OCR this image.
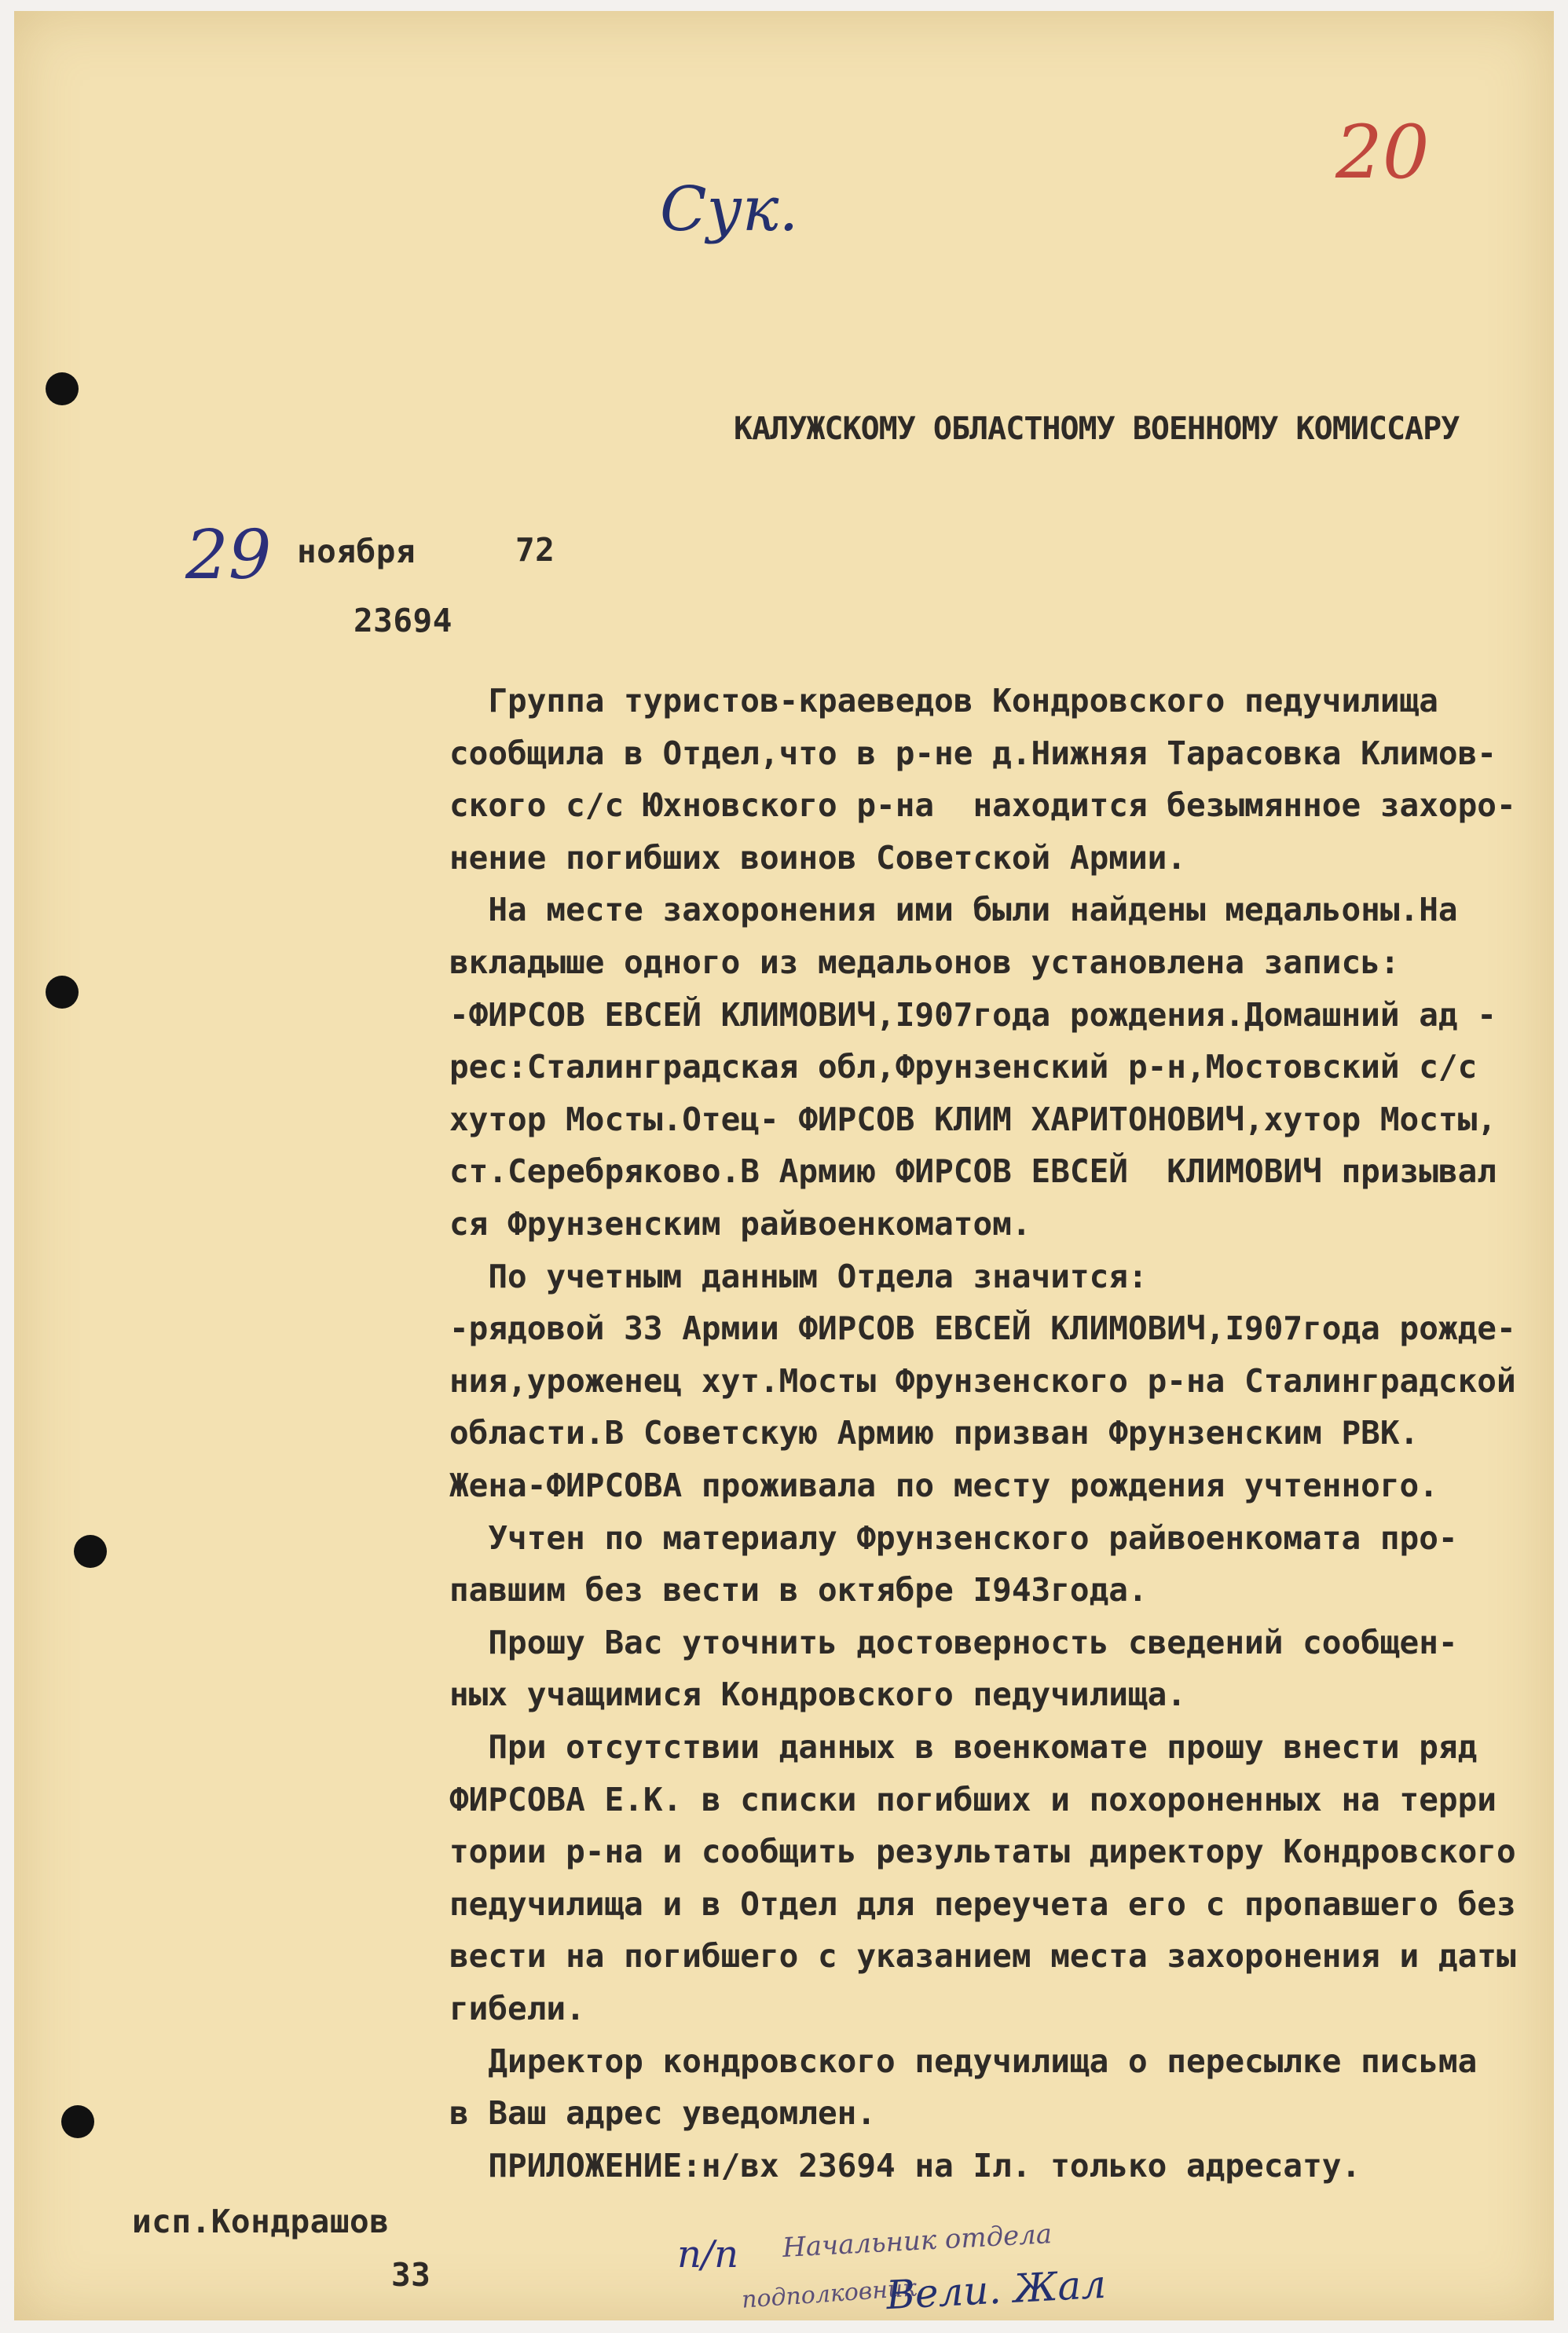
Сук.
20
КАЛУЖСКОМУ ОБЛАСТНОМУ ВОЕННОМУ КОМИССАРУ
29 ноября	72
23694
Группа туристов-краеведов Кондровского педучилища
сообщила в Отдел,что в р-не д.Нижняя Тарасовка Климов-
ского с/с Юхновского р-на  находится безымянное захоро-
нение погибших воинов Советской Армии.
На месте захоронения ими были найдены медальоны.На
вкладыше одного из медальонов установлена запись:
-ФИРСОВ ЕВСЕЙ КЛИМОВИЧ,I907года рождения.Домашний ад -
рес:Сталинградская обл,Фрунзенский р-н,Мостовский с/с
хутор Мосты.Отец- ФИРСОВ КЛИМ ХАРИТОНОВИЧ,хутор Мосты,
ст.Серебряково.В Армию ФИРСОВ ЕВСЕЙ  КЛИМОВИЧ призывал
ся Фрунзенским райвоенкоматом.
По учетным данным Отдела значится:
-рядовой 33 Армии ФИРСОВ ЕВСЕЙ КЛИМОВИЧ,I907года рожде-
ния,уроженец хут.Мосты Фрунзенского р-на Сталинградской
области.В Советскую Армию призван Фрунзенским РВК.
Жена-ФИРСОВА проживала по месту рождения учтенного.
Учтен по материалу Фрунзенского райвоенкомата про-
павшим без вести в октябре I943года.
Прошу Вас уточнить достоверность сведений сообщен-
ных учащимися Кондровского педучилища.
При отсутствии данных в военкомате прошу внести ряд
ФИРСОВА Е.К. в списки погибших и похороненных на терри
тории р-на и сообщить результаты директору Кондровского
педучилища и в Отдел для переучета его с пропавшего без
вести на погибшего с указанием места захоронения и даты
гибели.
Директор кондровского педучилища о пересылке письма
в Ваш адрес уведомлен.
ПРИЛОЖЕНИЕ:н/вх 23694 на Iл. только адресату.
исп.Кондрашов
33	п/п Начальник отдела
подполковник
Вели. Жал
